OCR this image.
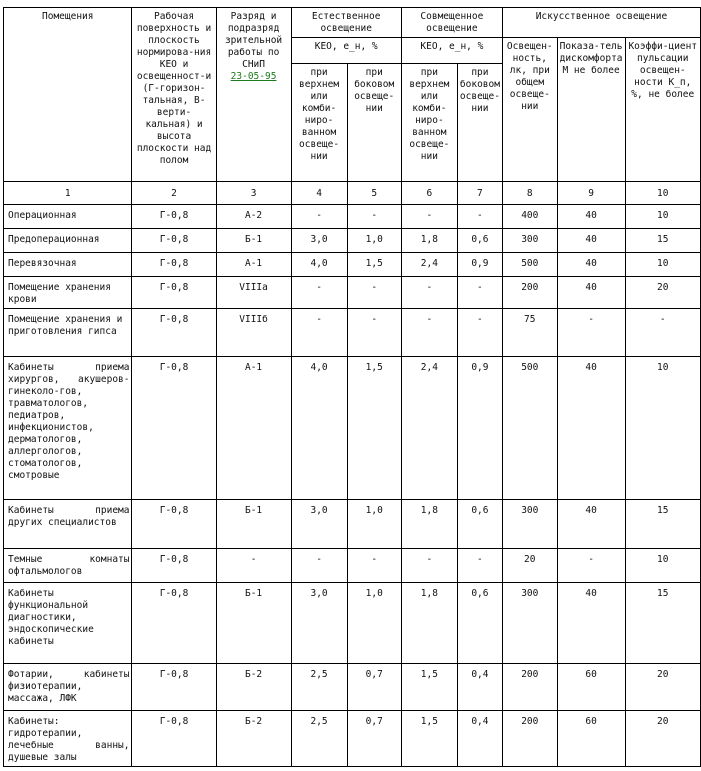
Помещения	Рабочая поверхность и плоскость нормирова-ния КЕО и освещенност-и (Г-горизон-тальная, В-верти-кальная) и высота плоскости над полом	Разряд и подразряд зрительной работы по СНиП
23-05-95	Естественное освещение		Совмещенное освещение		Искусственное освещение		
			КЕО, е_н, %		КЕО, е_н, %		Освещен-ность, лк, при общем освеще-нии	Показа-тель дискомфорта М не более	Коэффи-циент пульсации освещен-ности К_п, %, не более
			при верхнем или комби-ниро-ванном освеще-нии	при боковом освеще-нии	при верхнем или комби-ниро-ванном освеще-нии	при боковом освеще-нии			
1	2	3	4	5	6	7	8	9	10
Операционная	Г-0,8	А-2	-	-	-	-	400	40	10
Предоперационная	Г-0,8	Б-1	3,0	1,0	1,8	0,6	300	40	15
Перевязочная	Г-0,8	А-1	4,0	1,5	2,4	0,9	500	40	10
Помещение хранения крови	Г-0,8	VIIIа	-	-	-	-	200	40	20
Помещение хранения и приготовления гипса	Г-0,8	VIIIб	-	-	-	-	75	-	-
Кабинеты приема хирургов, акушеров-гинеколо-гов, травматологов, педиатров, инфекционистов, дерматологов, аллергологов, стоматологов, смотровые	Г-0,8	А-1	4,0	1,5	2,4	0,9	500	40	10
Кабинеты приема других специалистов	Г-0,8	Б-1	3,0	1,0	1,8	0,6	300	40	15
Темные комнаты офтальмологов	Г-0,8	-	-	-	-	-	20	-	10
Кабинеты функциональной диагностики, эндоскопические кабинеты	Г-0,8	Б-1	3,0	1,0	1,8	0,6	300	40	15
Фотарии, кабинеты физиотерапии, массажа, ЛФК	Г-0,8	Б-2	2,5	0,7	1,5	0,4	200	60	20
Кабинеты: гидротерапии, лечебные ванны, душевые залы	Г-0,8	Б-2	2,5	0,7	1,5	0,4	200	60	20
